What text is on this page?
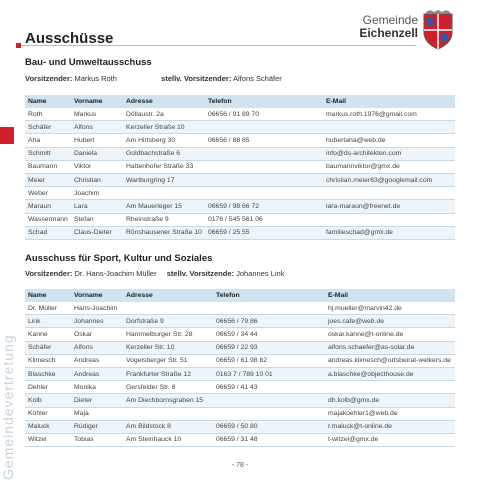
Gemeindevertretung
Ausschüsse
Gemeinde
Eichenzell
Bau- und Umweltausschuss
Vorsitzender: Markus Roth	stellv. Vorsitzender: Alfons Schäfer
Name	Vorname	Adresse	Telefon	E-Mail
Roth	Markus	Döllaustr. 2a	06656 / 91 89 70	markus.roth.1976@gmail.com
Schäfer	Alfons	Kerzeller Straße 10		
Aha	Hubert	Am Hirtsberg 30	06656 / 88 65	hubertaha@web.de
Schmitt	Daniela	Goldbachstraße 6		info@ds-architekten.com
Baumann	Viktor	Hattenhofer Straße 33		baumannviktor@gmx.de
Meier	Christian	Wartburgring 17		christian.meier63@googlemail.com
Weber	Joachim			
Maraun	Lara	Am Mauerleger 15	06659 / 98 66 72	lara-maraun@freenet.de
Wassermann	Stefan	Rheinstraße 9	0176 / 545 561 06	
Schad	Claus-Dieter	Rönshausener Straße 10	06659 / 25 55	familieschad@gmx.de
Ausschuss für Sport, Kultur und Soziales
Vorsitzender: Dr. Hans-Joachim Müller stellv. Vorsitzende: Johannes Link
Name	Vorname	Adresse	Telefon	E-Mail
Dr. Müller	Hans-Joachim			hj.mueller@marvin42.de
Link	Johannes	Dorfstraße 9	06656 / 79 86	joes.cafe@web.de
Kanne	Oskar	Hammelburger Str. 28	06659 / 34 44	oskar.kanne@t-online.de
Schäfer	Alfons	Kerzeller Str. 10	06659 / 22 93	alfons.schaefer@as-solar.de
Klimesch	Andreas	Vogelsberger Str. 51	06659 / 61 98 82	andreas.klimesch@ortsbeirat-welkers.de
Blaschke	Andreas	Frankfurter Straße 12	0163 7 / 789 10 01	a.blaschke@objecthouse.de
Dehler	Monika	Gersfelder Str. 8	06659 / 41 43	
Kolb	Dieter	Am Diechbornsgraben 15		dh.kolb@gmx.de
Köhler	Maja			majakoehler1@web.de
Maluck	Rüdiger	Am Bildstock 8	06659 / 50 80	r.maluck@t-online.de
Witzel	Tobias	Am Steinhauck 10	06659 / 31 48	t-witzel@gmx.de
- 78 -
